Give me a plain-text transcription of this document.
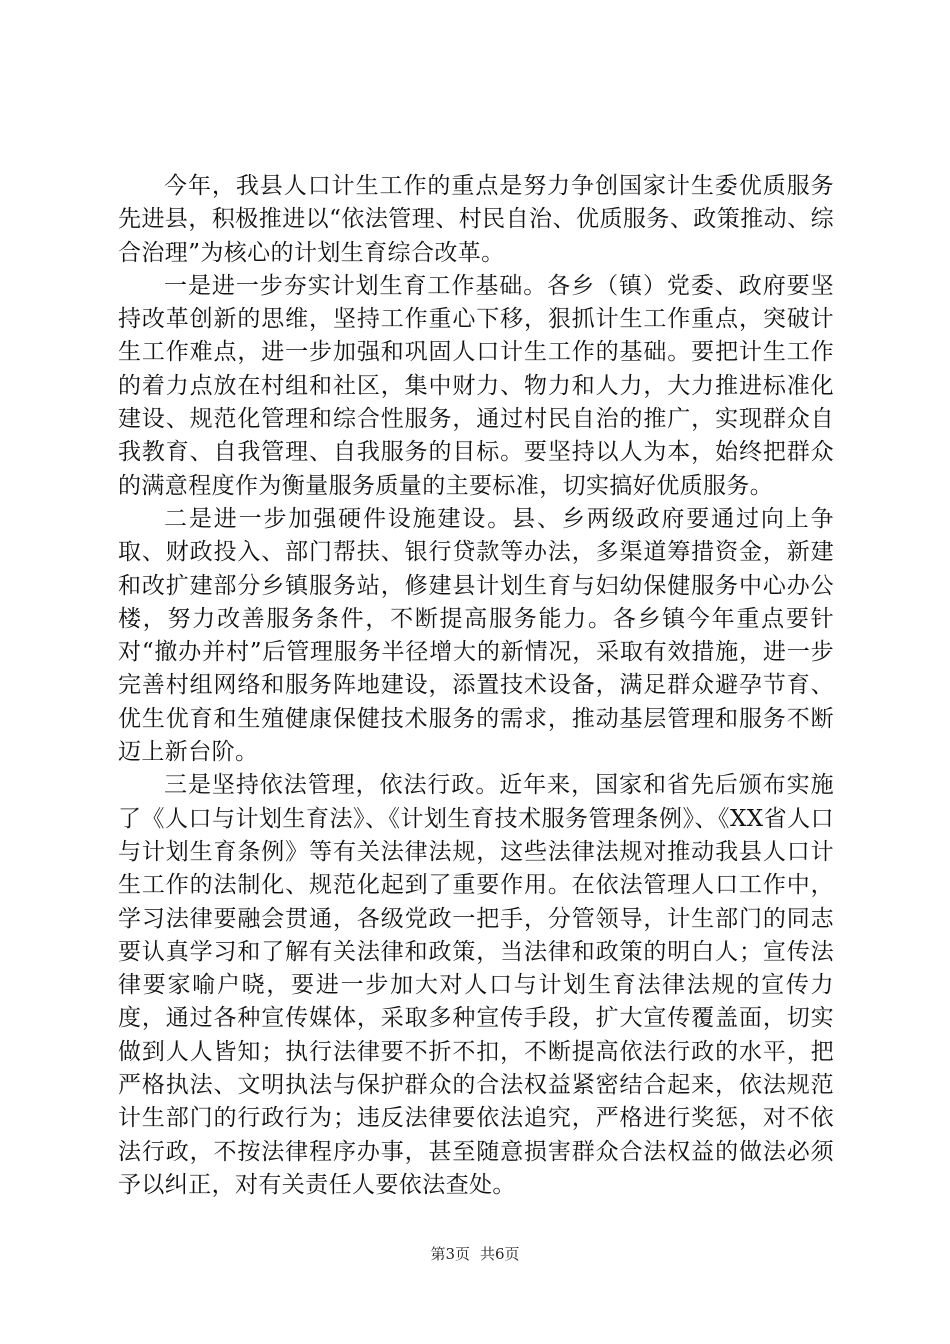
今年，我县人口计生工作的重点是努力争创国家计生委优质服务先进县，积极推进以“依法管理、村民自治、优质服务、政策推动、综合治理”为核心的计划生育综合改革。

一是进一步夯实计划生育工作基础。各乡（镇）党委、政府要坚持改革创新的思维，坚持工作重心下移，狠抓计生工作重点，突破计生工作难点，进一步加强和巩固人口计生工作的基础。要把计生工作的着力点放在村组和社区，集中财力、物力和人力，大力推进标准化建设、规范化管理和综合性服务，通过村民自治的推广，实现群众自我教育、自我管理、自我服务的目标。要坚持以人为本，始终把群众的满意程度作为衡量服务质量的主要标准，切实搞好优质服务。

二是进一步加强硬件设施建设。县、乡两级政府要通过向上争取、财政投入、部门帮扶、银行贷款等办法，多渠道筹措资金，新建和改扩建部分乡镇服务站，修建县计划生育与妇幼保健服务中心办公楼，努力改善服务条件，不断提高服务能力。各乡镇今年重点要针对“撤办并村”后管理服务半径增大的新情况，采取有效措施，进一步完善村组网络和服务阵地建设，添置技术设备，满足群众避孕节育、优生优育和生殖健康保健技术服务的需求，推动基层管理和服务不断迈上新台阶。

三是坚持依法管理，依法行政。近年来，国家和省先后颁布实施了《人口与计划生育法》、《计划生育技术服务管理条例》、《XX省人口与计划生育条例》等有关法律法规，这些法律法规对推动我县人口计生工作的法制化、规范化起到了重要作用。在依法管理人口工作中，学习法律要融会贯通，各级党政一把手，分管领导，计生部门的同志要认真学习和了解有关法律和政策，当法律和政策的明白人；宣传法律要家喻户晓，要进一步加大对人口与计划生育法律法规的宣传力度，通过各种宣传媒体，采取多种宣传手段，扩大宣传覆盖面，切实做到人人皆知；执行法律要不折不扣，不断提高依法行政的水平，把严格执法、文明执法与保护群众的合法权益紧密结合起来，依法规范计生部门的行政行为；违反法律要依法追究，严格进行奖惩，对不依法行政，不按法律程序办事，甚至随意损害群众合法权益的做法必须予以纠正，对有关责任人要依法查处。

第3页 共6页
